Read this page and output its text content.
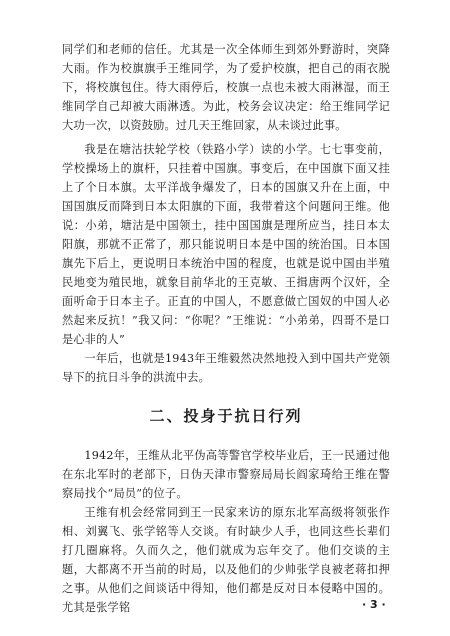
同学们和老师的信任。尤其是一次全体师生到郊外野游时，突降大雨。作为校旗旗手王维同学，为了爱护校旗，把自己的雨衣脱下，将校旗包住。待大雨停后，校旗一点也未被大雨淋湿，而王维同学自己却被大雨淋透。为此，校务会议决定：给王维同学记大功一次，以资鼓励。过几天王维回家，从未谈过此事。

我是在塘沽扶轮学校（铁路小学）读的小学。七七事变前，学校操场上的旗杆，只挂着中国旗。事变后，在中国旗下面又挂上了个日本旗。太平洋战争爆发了，日本的国旗又升在上面，中国国旗反而降到日本太阳旗的下面，我带着这个问题问王维。他说：小弟，塘沽是中国领土，挂中国国旗是理所应当，挂日本太阳旗，那就不正常了，那只能说明日本是中国的统治国。日本国旗先下后上，更说明日本统治中国的程度，也就是说中国由半殖民地变为殖民地，就象目前华北的王克敏、王揖唐两个汉奸，全面听命于日本主子。正直的中国人，不愿意做亡国奴的中国人必然起来反抗！”我又问：“你呢？”王维说：“小弟弟，四哥不是口是心非的人”

一年后，也就是1943年王维毅然决然地投入到中国共产党领导下的抗日斗争的洪流中去。

二、投身于抗日行列

1942年，王维从北平伪高等警官学校毕业后，王一民通过他在东北军时的老部下，日伪天津市警察局局长阎家琦给王维在警察局找个“局员”的位子。

王维有机会经常同到王一民家来访的原东北军高级将领张作相、刘翼飞、张学铭等人交谈。有时缺少人手，也同这些长辈们打几圈麻将。久而久之，他们就成为忘年交了。他们交谈的主题，大都离不开当前的时局，以及他们的少帅张学良被老蒋扣押之事。从他们之间谈话中得知，他们都是反对日本侵略中国的。尤其是张学铭	· 3 ·
